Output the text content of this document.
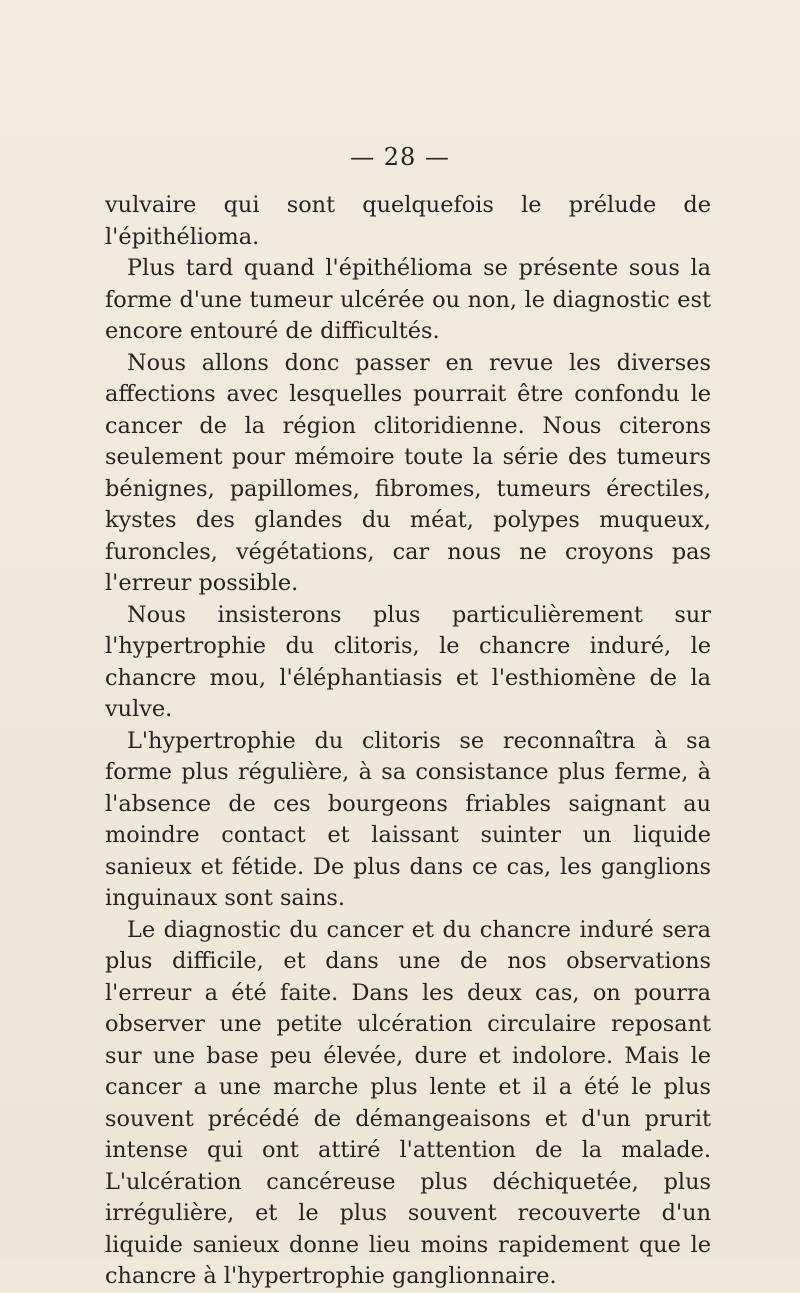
— 28 —

vulvaire qui sont quelquefois le prélude de l'épithélioma.

Plus tard quand l'épithélioma se présente sous la forme d'une tumeur ulcérée ou non, le diagnostic est encore entouré de difficultés.

Nous allons donc passer en revue les diverses affections avec lesquelles pourrait être confondu le cancer de la région clitoridienne. Nous citerons seulement pour mémoire toute la série des tumeurs bénignes, papillomes, fibromes, tumeurs érectiles, kystes des glandes du méat, polypes muqueux, furoncles, végétations, car nous ne croyons pas l'erreur possible.

Nous insisterons plus particulièrement sur l'hypertrophie du clitoris, le chancre induré, le chancre mou, l'éléphantiasis et l'esthiomène de la vulve.

L'hypertrophie du clitoris se reconnaîtra à sa forme plus régulière, à sa consistance plus ferme, à l'absence de ces bourgeons friables saignant au moindre contact et laissant suinter un liquide sanieux et fétide. De plus dans ce cas, les ganglions inguinaux sont sains.

Le diagnostic du cancer et du chancre induré sera plus difficile, et dans une de nos observations l'erreur a été faite. Dans les deux cas, on pourra observer une petite ulcération circulaire reposant sur une base peu élevée, dure et indolore. Mais le cancer a une marche plus lente et il a été le plus souvent précédé de démangeaisons et d'un prurit intense qui ont attiré l'attention de la malade. L'ulcération cancéreuse plus déchiquetée, plus irrégulière, et le plus souvent recouverte d'un liquide sanieux donne lieu moins rapidement que le chancre à l'hypertrophie ganglionnaire.
